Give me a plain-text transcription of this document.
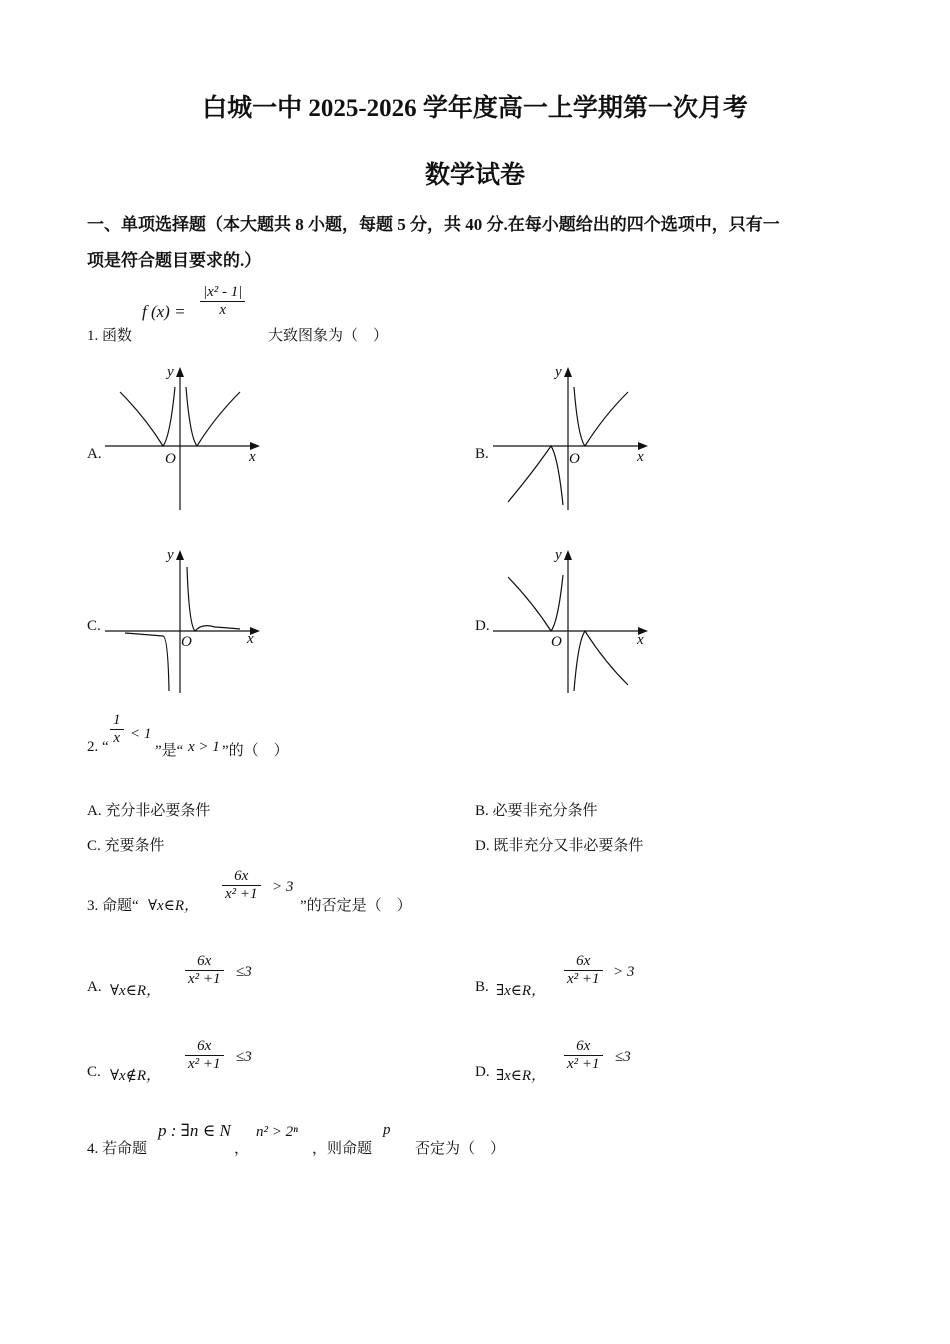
白城一中 2025-2026 学年度高一上学期第一次月考
数学试卷
一、单项选择题（本大题共 8 小题，每题 5 分，共 40 分.在每小题给出的四个选项中，只有一
项是符合题目要求的.）
1. 函数
f (x) =
|x² - 1|
x
大致图象为（　）
A.	B.
C.	D.
O	x
y
O	x
y
O	x
y
O	x
y
2. “
1
x < 1
”是“ x > 1 ”的（　）
A. 充分非必要条件	B. 必要非充分条件
C. 充要条件	D. 既非充分又非必要条件
3. 命题“ ∀x∈R，
6x
x² +1 > 3
”的否定是（　）
A. ∀x∈R，
6x
x² +1 ≤3
B. ∃x∈R，
6x
x² +1 > 3
C. ∀x∉R，
6x
x² +1 ≤3
D. ∃x∈R，
6x
x² +1 ≤3
4. 若命题
p : ∃n ∈ N
，
n² > 2ⁿ
，则命题
p
否定为（　）
